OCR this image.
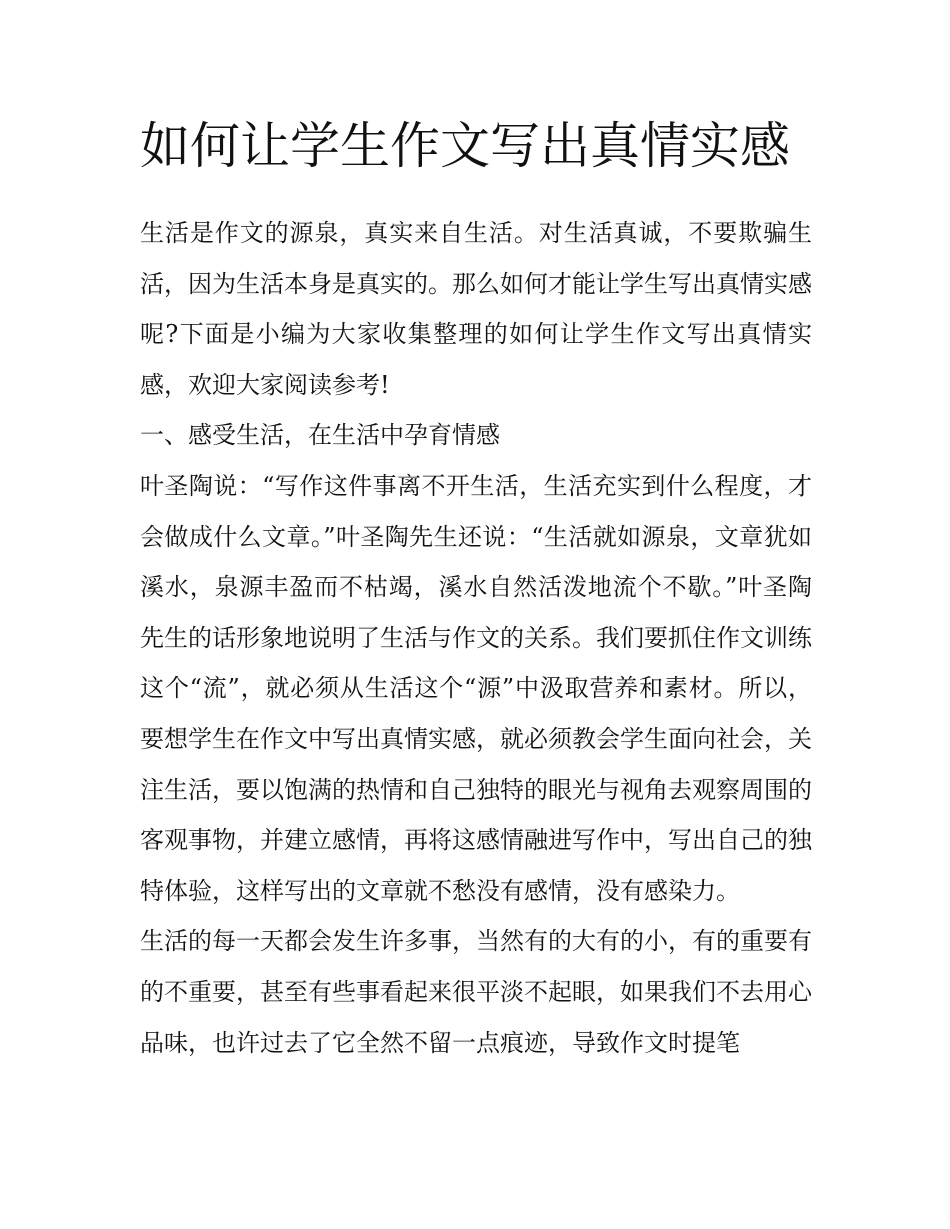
如何让学生作文写出真情实感

生活是作文的源泉，真实来自生活。对生活真诚，不要欺骗生活，因为生活本身是真实的。那么如何才能让学生写出真情实感呢?下面是小编为大家收集整理的如何让学生作文写出真情实感，欢迎大家阅读参考!

一、感受生活，在生活中孕育情感

叶圣陶说：“写作这件事离不开生活，生活充实到什么程度，才会做成什么文章。”叶圣陶先生还说：“生活就如源泉，文章犹如溪水，泉源丰盈而不枯竭，溪水自然活泼地流个不歇。”叶圣陶先生的话形象地说明了生活与作文的关系。我们要抓住作文训练这个“流”，就必须从生活这个“源”中汲取营养和素材。所以，要想学生在作文中写出真情实感，就必须教会学生面向社会，关注生活，要以饱满的热情和自己独特的眼光与视角去观察周围的客观事物，并建立感情，再将这感情融进写作中，写出自己的独特体验，这样写出的文章就不愁没有感情，没有感染力。

生活的每一天都会发生许多事，当然有的大有的小，有的重要有的不重要，甚至有些事看起来很平淡不起眼，如果我们不去用心品味，也许过去了它全然不留一点痕迹，导致作文时提笔
